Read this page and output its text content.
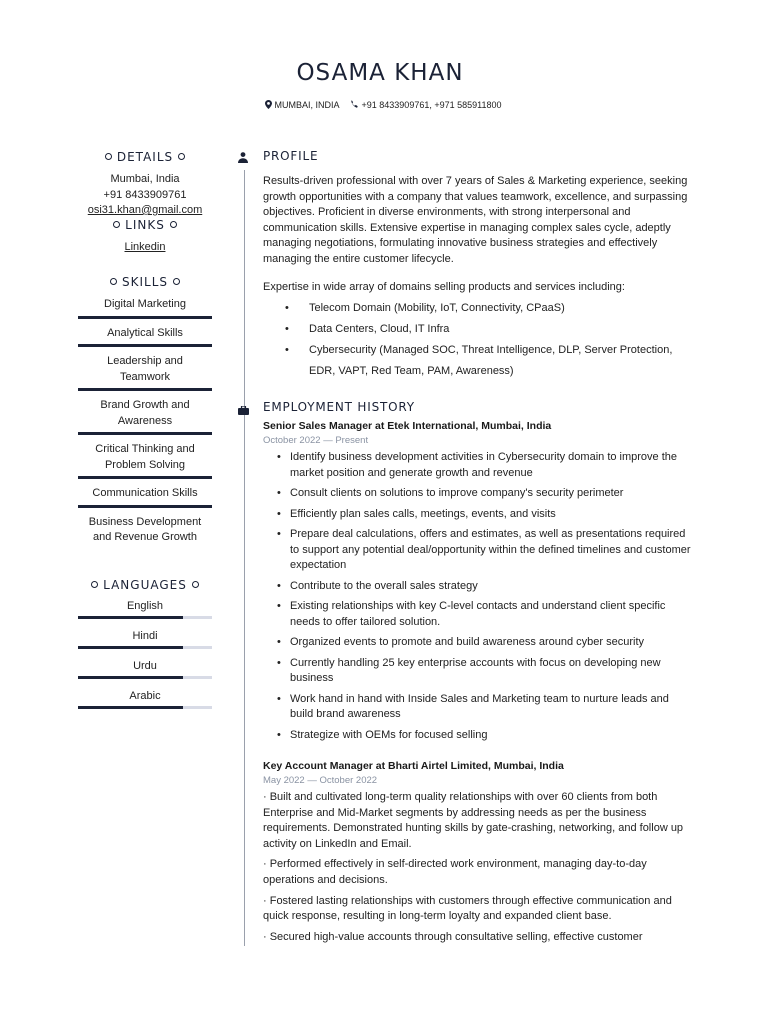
OSAMA KHAN
MUMBAI, INDIA +91 8433909761, +971 585911800
DETAILS
Mumbai, India
+91 8433909761
osi31.khan@gmail.com
LINKS
Linkedin
SKILLS
Digital Marketing
Analytical Skills
Leadership and Teamwork
Brand Growth and Awareness
Critical Thinking and Problem Solving
Communication Skills
Business Development and Revenue Growth
LANGUAGES
English
Hindi
Urdu
Arabic
PROFILE

Results-driven professional with over 7 years of Sales & Marketing experience, seeking growth opportunities with a company that values teamwork, excellence, and surpassing objectives. Proficient in diverse environments, with strong interpersonal and communication skills. Extensive expertise in managing complex sales cycle, adeptly managing negotiations, formulating innovative business strategies and effectively managing the entire customer lifecycle.

Expertise in wide array of domains selling products and services including:

• Telecom Domain (Mobility, IoT, Connectivity, CPaaS)
• Data Centers, Cloud, IT Infra
• Cybersecurity (Managed SOC, Threat Intelligence, DLP, Server Protection, EDR, VAPT, Red Team, PAM, Awareness)
EMPLOYMENT HISTORY
Senior Sales Manager at Etek International, Mumbai, India
October 2022 — Present
• Identify business development activities in Cybersecurity domain to improve the market position and generate growth and revenue
• Consult clients on solutions to improve company's security perimeter
• Efficiently plan sales calls, meetings, events, and visits
• Prepare deal calculations, offers and estimates, as well as presentations required to support any potential deal/opportunity within the defined timelines and customer expectation
• Contribute to the overall sales strategy
• Existing relationships with key C-level contacts and understand client specific needs to offer tailored solution.
• Organized events to promote and build awareness around cyber security
• Currently handling 25 key enterprise accounts with focus on developing new business
• Work hand in hand with Inside Sales and Marketing team to nurture leads and build brand awareness
• Strategize with OEMs for focused selling
Key Account Manager at Bharti Airtel Limited, Mumbai, India
May 2022 — October 2022

· Built and cultivated long-term quality relationships with over 60 clients from both Enterprise and Mid-Market segments by addressing needs as per the business requirements. Demonstrated hunting skills by gate-crashing, networking, and follow up activity on LinkedIn and Email.

· Performed effectively in self-directed work environment, managing day-to-day operations and decisions.

· Fostered lasting relationships with customers through effective communication and quick response, resulting in long-term loyalty and expanded client base.

· Secured high-value accounts through consultative selling, effective customer
